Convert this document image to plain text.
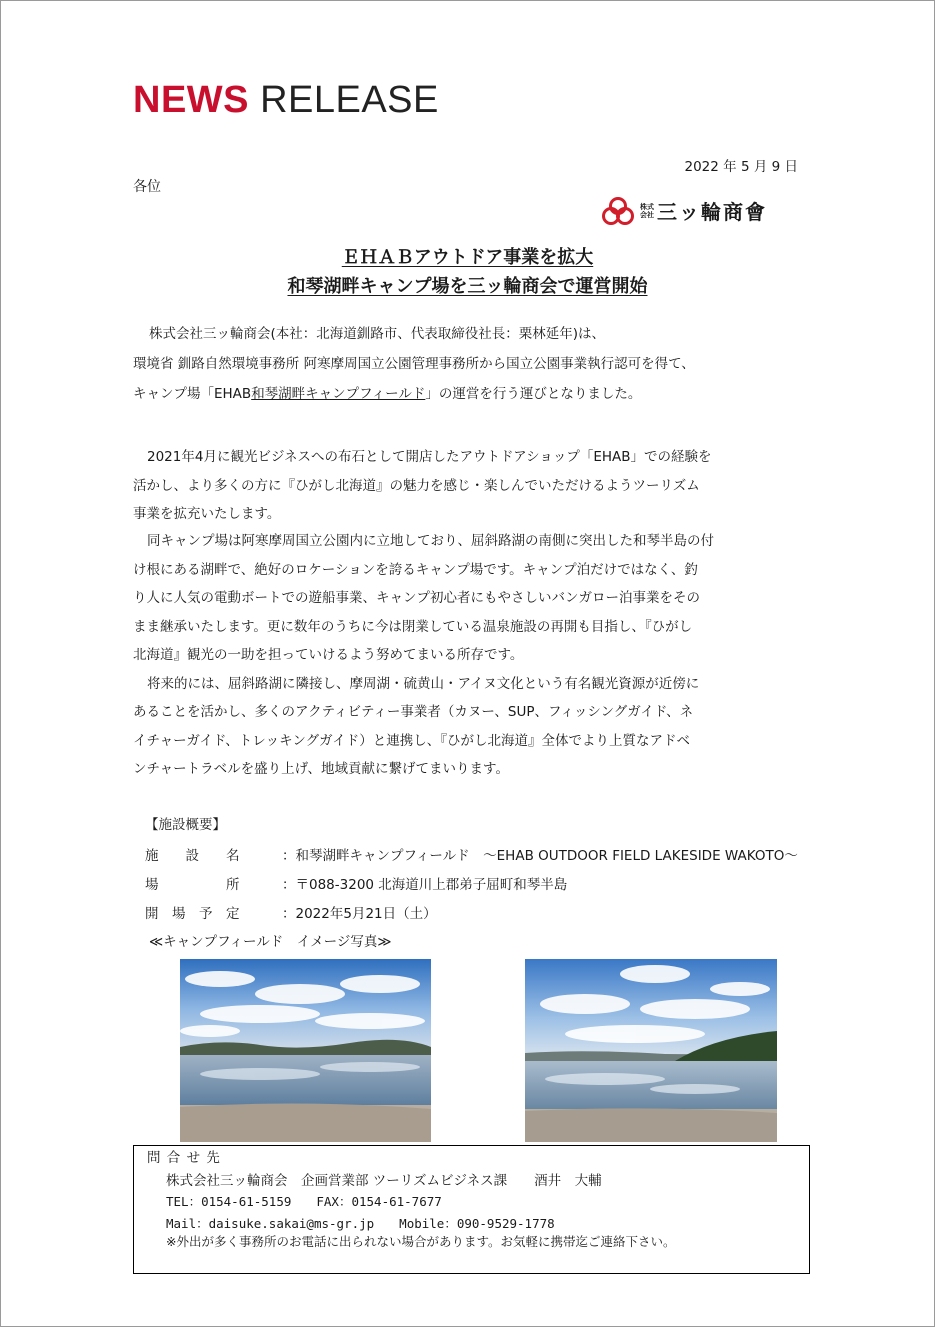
NEWS RELEASE
2022 年 5 月 9 日
各位
株式
会社 三ッ輪商會
ＥＨＡＢアウトドア事業を拡大
和琴湖畔キャンプ場を三ッ輪商会で運営開始
株式会社三ッ輪商会(本社：北海道釧路市、代表取締役社長：栗林延年)は、
環境省 釧路自然環境事務所 阿寒摩周国立公園管理事務所から国立公園事業執行認可を得て、
キャンプ場「EHAB和琴湖畔キャンプフィールド」の運営を行う運びとなりました。
2021年4月に観光ビジネスへの布石として開店したアウトドアショップ「EHAB」での経験を
活かし、より多くの方に『ひがし北海道』の魅力を感じ・楽しんでいただけるようツーリズム
事業を拡充いたします。
同キャンプ場は阿寒摩周国立公園内に立地しており、屈斜路湖の南側に突出した和琴半島の付
け根にある湖畔で、絶好のロケーションを誇るキャンプ場です。キャンプ泊だけではなく、釣
り人に人気の電動ボートでの遊船事業、キャンプ初心者にもやさしいバンガロー泊事業をその
まま継承いたします。更に数年のうちに今は閉業している温泉施設の再開も目指し、『ひがし
北海道』観光の一助を担っていけるよう努めてまいる所存です。
将来的には、屈斜路湖に隣接し、摩周湖・硫黄山・アイヌ文化という有名観光資源が近傍に
あることを活かし、多くのアクティビティー事業者（カヌー、SUP、フィッシングガイド、ネ
イチャーガイド、トレッキングガイド）と連携し、『ひがし北海道』全体でより上質なアドベ
ンチャートラベルを盛り上げ、地域貢献に繋げてまいります。
【施設概要】
施　　設　　名	：和琴湖畔キャンプフィールド　～EHAB OUTDOOR FIELD LAKESIDE WAKOTO～
場　　　　　所	：〒088-3200 北海道川上郡弟子屈町和琴半島
開　場　予　定	：2022年5月21日（土）
≪キャンプフィールド　イメージ写真≫
問 合 せ 先
株式会社三ッ輪商会　企画営業部 ツーリズムビジネス課　　酒井　大輔
TEL：0154-61-5159　　FAX：0154-61-7677
Mail：daisuke.sakai@ms-gr.jp　　Mobile：090-9529-1778
※外出が多く事務所のお電話に出られない場合があります。お気軽に携帯迄ご連絡下さい。
